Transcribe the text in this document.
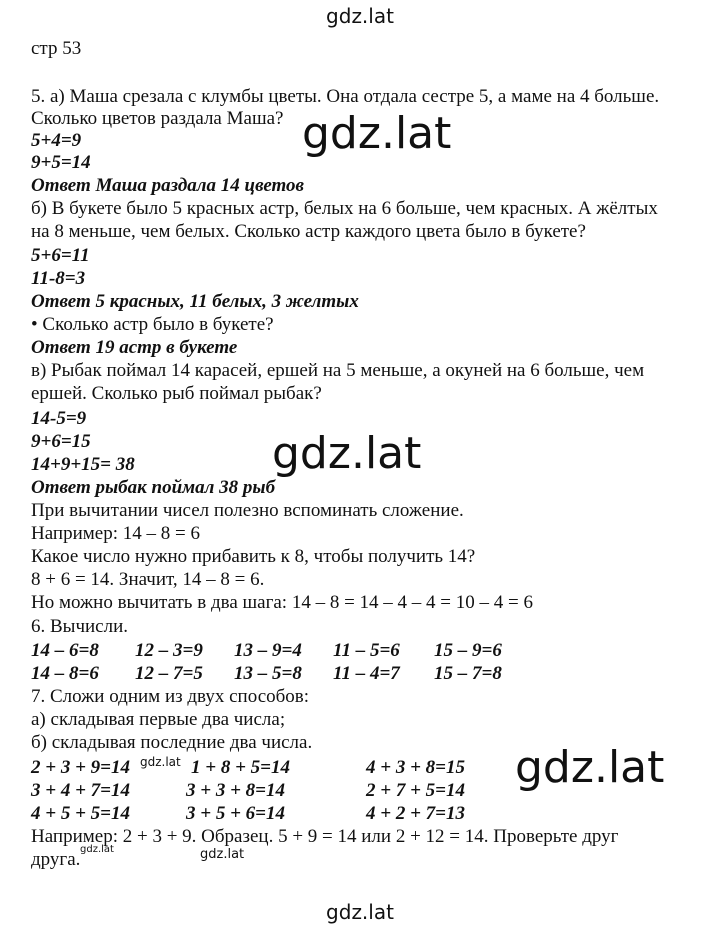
gdz.lat
gdz.lat
gdz.lat
gdz.lat
gdz.lat
gdz.lat	gdz.lat
gdz.lat
стр 53
5. а) Маша срезала с клумбы цветы. Она отдала сестре 5, а маме на 4 больше.
Сколько цветов раздала Маша?
5+4=9
9+5=14
Ответ Маша раздала 14 цветов
б) В букете было 5 красных астр, белых на 6 больше, чем красных. А жёлтых
на 8 меньше, чем белых. Сколько астр каждого цвета было в букете?
5+6=11
11-8=3
Ответ 5 красных, 11 белых, 3 желтых
• Сколько астр было в букете?
Ответ 19 астр в букете
в) Рыбак поймал 14 карасей, ершей на 5 меньше, а окуней на 6 больше, чем
ершей. Сколько рыб поймал рыбак?
14-5=9
9+6=15
14+9+15= 38
Ответ рыбак поймал 38 рыб
При вычитании чисел полезно вспоминать сложение.
Например: 14 – 8 = 6
Какое число нужно прибавить к 8, чтобы получить 14?
8 + 6 = 14. Значит, 14 – 8 = 6.
Но можно вычитать в два шага: 14 – 8 = 14 – 4 – 4 = 10 – 4 = 6
6. Вычисли.
14 – 6=8 12 – 3=9 13 – 9=4 11 – 5=6 15 – 9=6
14 – 8=6 12 – 7=5 13 – 5=8 11 – 4=7 15 – 7=8
7. Сложи одним из двух способов:
а) складывая первые два числа;
б) складывая последние два числа.
2 + 3 + 9=14	1 + 8 + 5=14	4 + 3 + 8=15
3 + 4 + 7=14	3 + 3 + 8=14	2 + 7 + 5=14
4 + 5 + 5=14	3 + 5 + 6=14	4 + 2 + 7=13
Например: 2 + 3 + 9. Образец. 5 + 9 = 14 или 2 + 12 = 14. Проверьте друг
друга.
